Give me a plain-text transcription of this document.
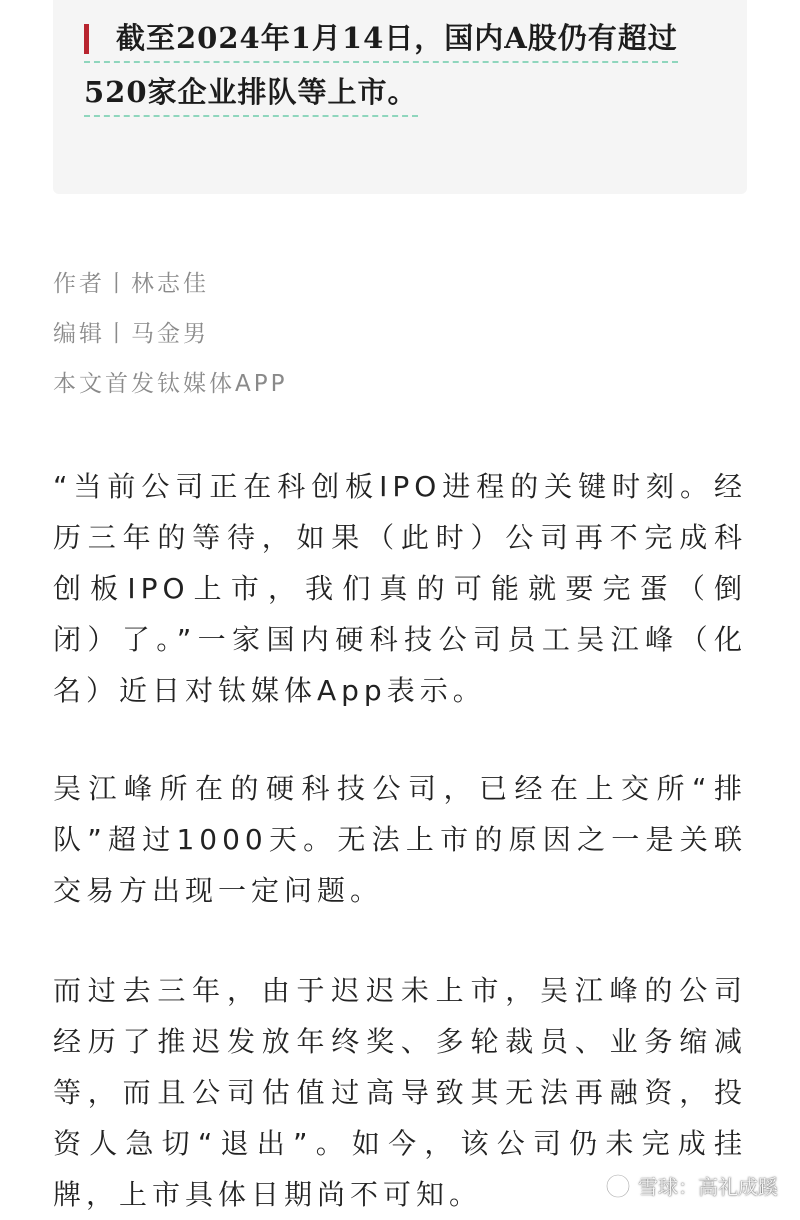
截至2024年1月14日，国内A股仍有超过
520家企业排队等上市。
作者丨林志佳
编辑丨马金男
本文首发钛媒体APP
“当前公司正在科创板IPO进程的关键时刻。经
历三年的等待，如果（此时）公司再不完成科
创板IPO上市，我们真的可能就要完蛋（倒
闭）了。”一家国内硬科技公司员工吴江峰（化
名）近日对钛媒体App表示。
吴江峰所在的硬科技公司，已经在上交所“排
队”超过1000天。无法上市的原因之一是关联
交易方出现一定问题。
而过去三年，由于迟迟未上市，吴江峰的公司
经历了推迟发放年终奖、多轮裁员、业务缩减
等，而且公司估值过高导致其无法再融资，投
资人急切“退出”。如今，该公司仍未完成挂
牌，上市具体日期尚不可知。	雪球：高礼成蹊
